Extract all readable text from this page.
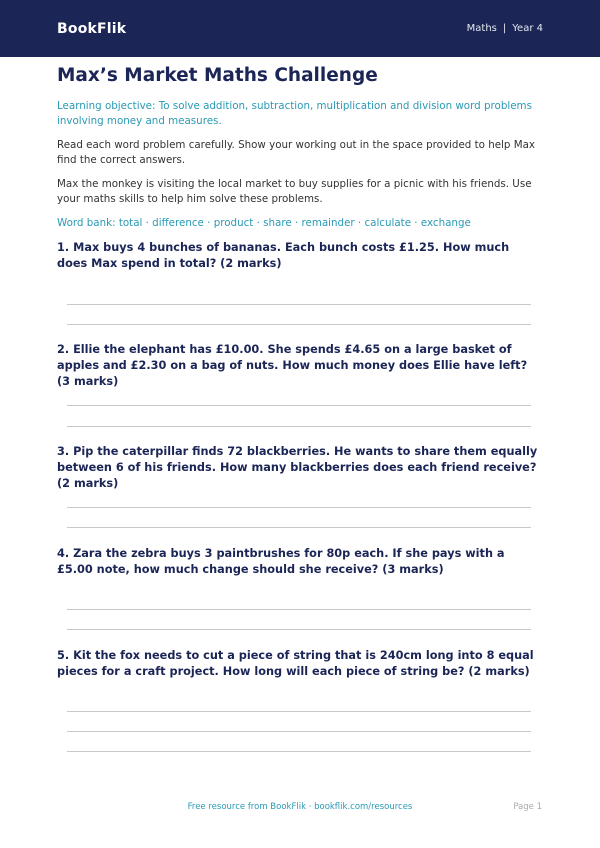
BookFlik	Maths | Year 4
Max’s Market Maths Challenge
Learning objective: To solve addition, subtraction, multiplication and division word problems involving money and measures.
Read each word problem carefully. Show your working out in the space provided to help Max find the correct answers.
Max the monkey is visiting the local market to buy supplies for a picnic with his friends. Use your maths skills to help him solve these problems.
Word bank: total · difference · product · share · remainder · calculate · exchange
1. Max buys 4 bunches of bananas. Each bunch costs £1.25. How much does Max spend in total? (2 marks)
2. Ellie the elephant has £10.00. She spends £4.65 on a large basket of apples and £2.30 on a bag of nuts. How much money does Ellie have left? (3 marks)
3. Pip the caterpillar finds 72 blackberries. He wants to share them equally between 6 of his friends. How many blackberries does each friend receive? (2 marks)
4. Zara the zebra buys 3 paintbrushes for 80p each. If she pays with a £5.00 note, how much change should she receive? (3 marks)
5. Kit the fox needs to cut a piece of string that is 240cm long into 8 equal pieces for a craft project. How long will each piece of string be? (2 marks)
Free resource from BookFlik · bookflik.com/resources	Page 1
